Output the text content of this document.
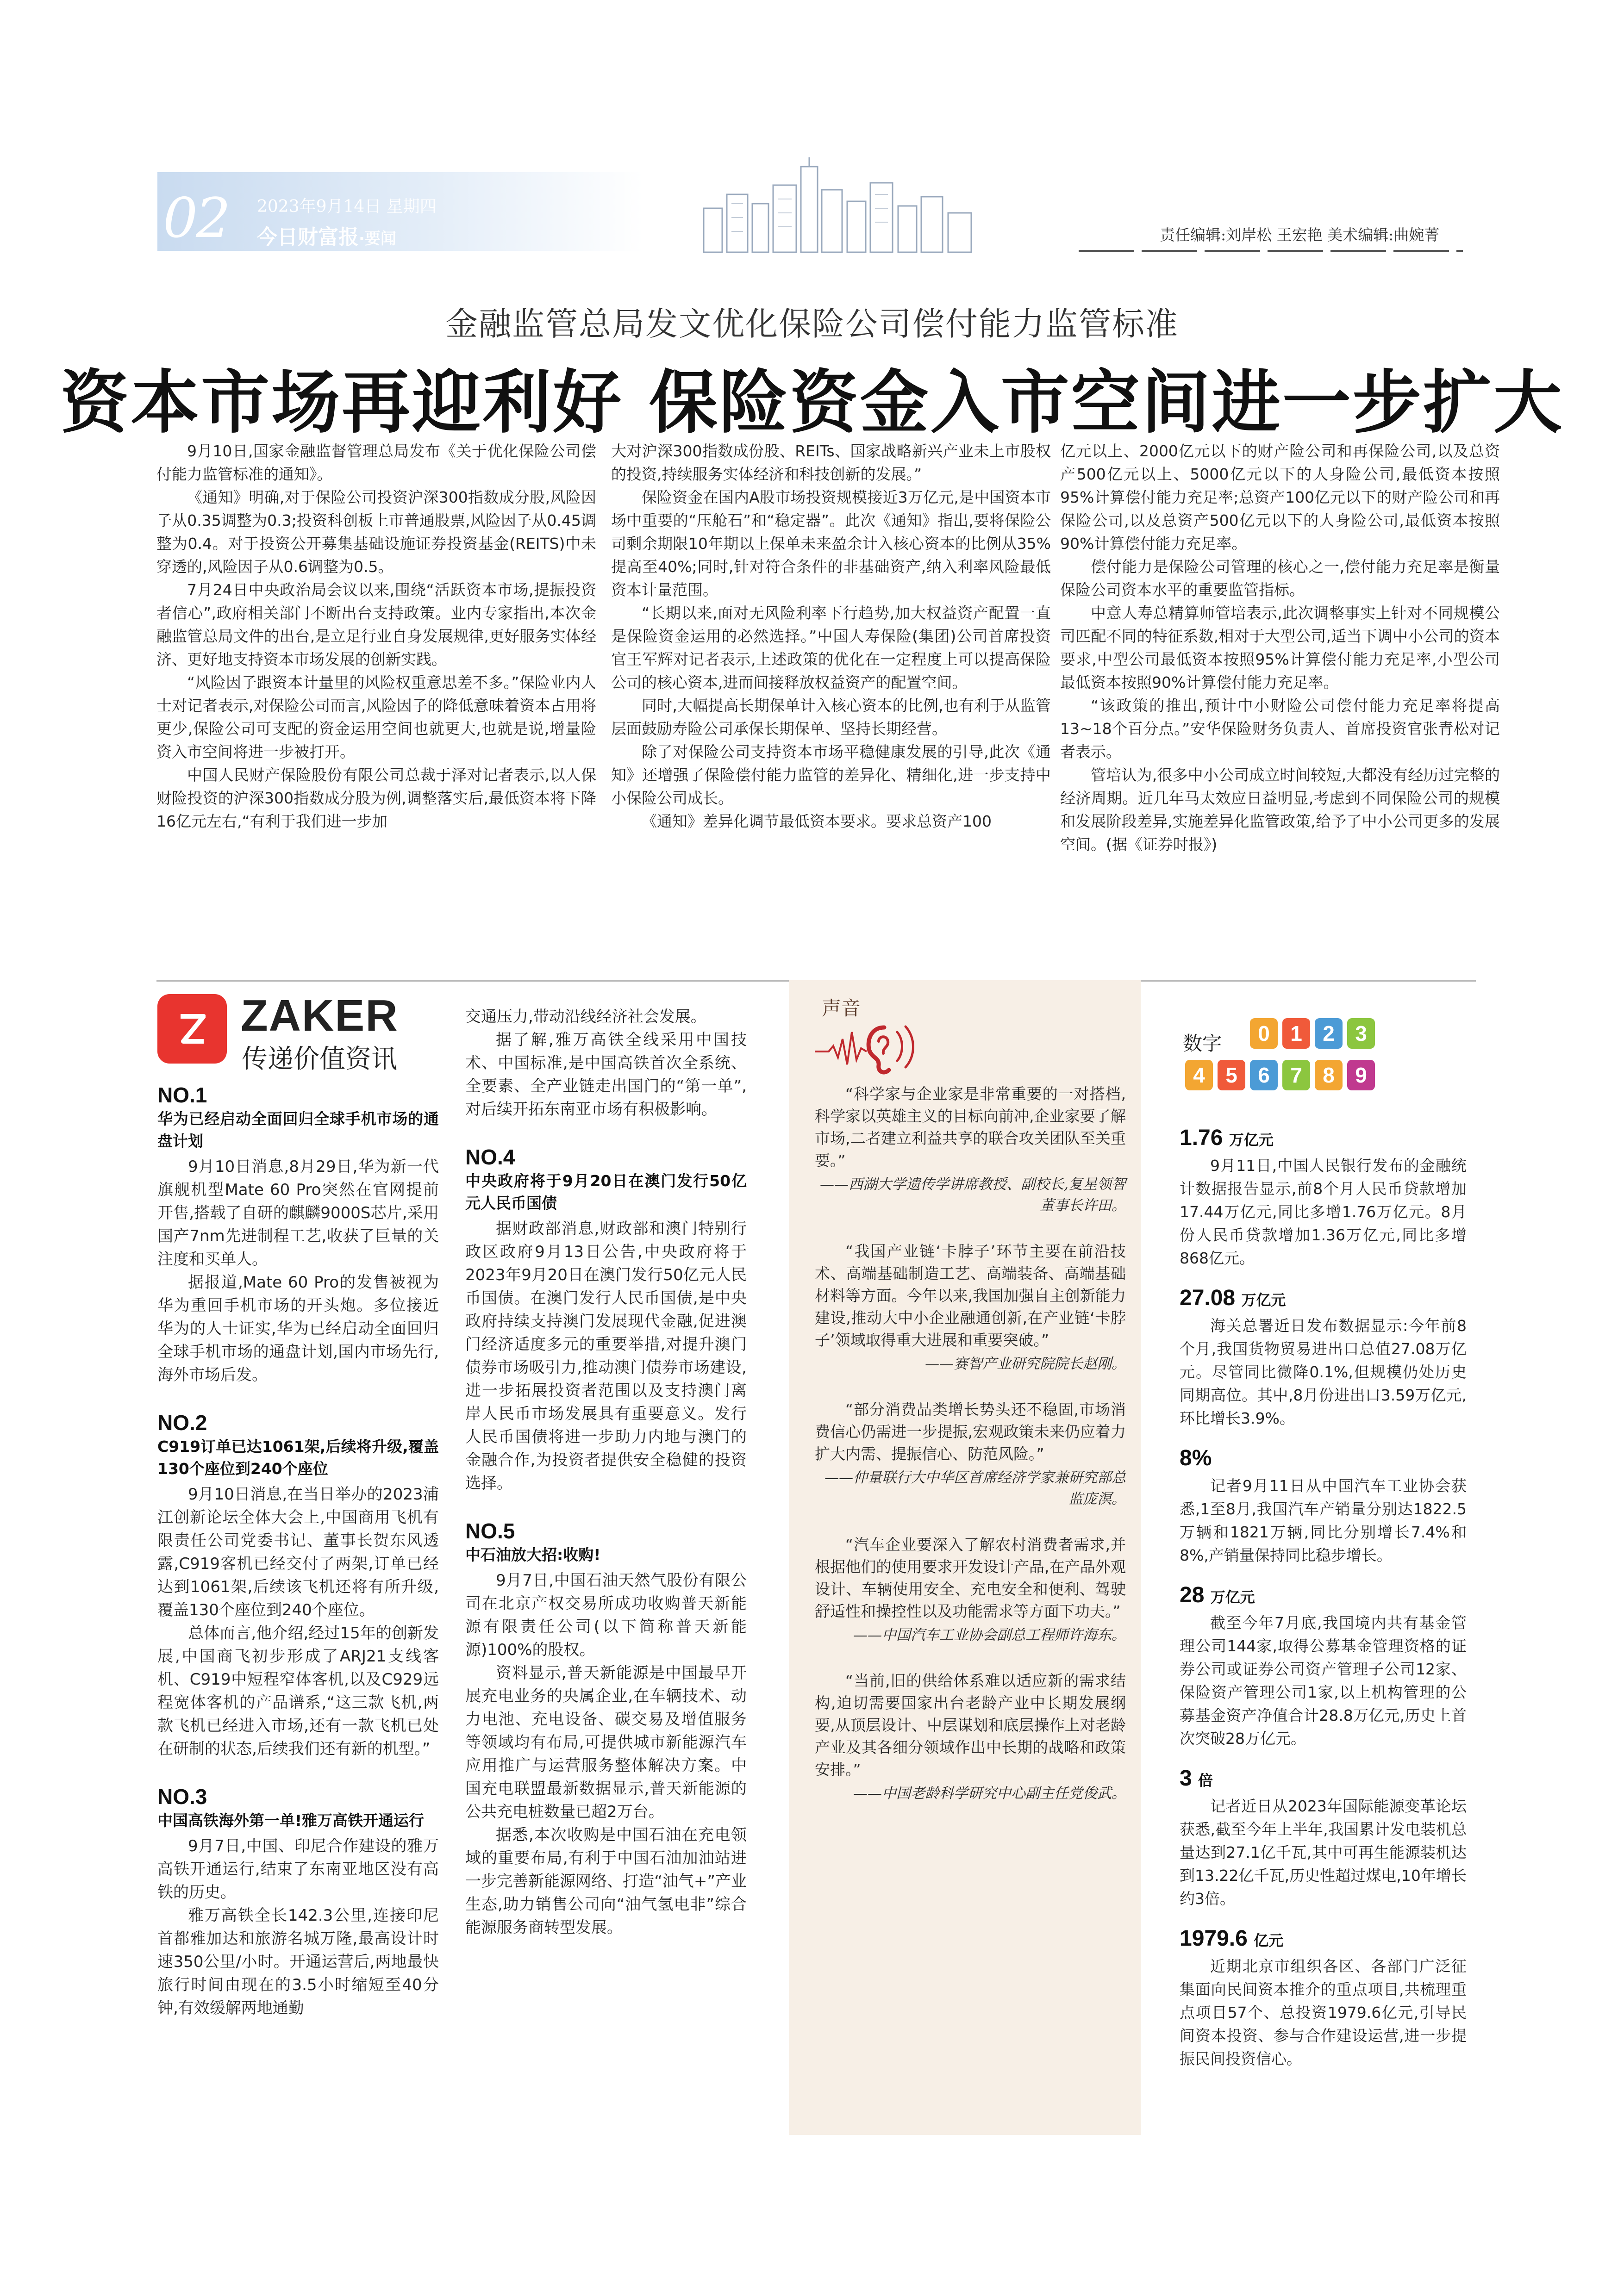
02 2023年9月14日 星期四
今日财富报·要闻	责任编辑:刘岸松 王宏艳 美术编辑:曲婉菁
金融监管总局发文优化保险公司偿付能力监管标准
资本市场再迎利好 保险资金入市空间进一步扩大

9月10日,国家金融监督管理总局发布《关于优化保险公司偿付能力监管标准的通知》。

《通知》明确,对于保险公司投资沪深300指数成分股,风险因子从0.35调整为0.3;投资科创板上市普通股票,风险因子从0.45调整为0.4。对于投资公开募集基础设施证券投资基金(REITS)中未穿透的,风险因子从0.6调整为0.5。

7月24日中央政治局会议以来,围绕“活跃资本市场,提振投资者信心”,政府相关部门不断出台支持政策。业内专家指出,本次金融监管总局文件的出台,是立足行业自身发展规律,更好服务实体经济、更好地支持资本市场发展的创新实践。

“风险因子跟资本计量里的风险权重意思差不多。”保险业内人士对记者表示,对保险公司而言,风险因子的降低意味着资本占用将更少,保险公司可支配的资金运用空间也就更大,也就是说,增量险资入市空间将进一步被打开。

中国人民财产保险股份有限公司总裁于泽对记者表示,以人保财险投资的沪深300指数成分股为例,调整落实后,最低资本将下降16亿元左右,“有利于我们进一步加

大对沪深300指数成份股、REITs、国家战略新兴产业未上市股权的投资,持续服务实体经济和科技创新的发展。”

保险资金在国内A股市场投资规模接近3万亿元,是中国资本市场中重要的“压舱石”和“稳定器”。此次《通知》指出,要将保险公司剩余期限10年期以上保单未来盈余计入核心资本的比例从35%提高至40%;同时,针对符合条件的非基础资产,纳入利率风险最低资本计量范围。

“长期以来,面对无风险利率下行趋势,加大权益资产配置一直是保险资金运用的必然选择。”中国人寿保险(集团)公司首席投资官王军辉对记者表示,上述政策的优化在一定程度上可以提高保险公司的核心资本,进而间接释放权益资产的配置空间。

同时,大幅提高长期保单计入核心资本的比例,也有利于从监管层面鼓励寿险公司承保长期保单、坚持长期经营。

除了对保险公司支持资本市场平稳健康发展的引导,此次《通知》还增强了保险偿付能力监管的差异化、精细化,进一步支持中小保险公司成长。

《通知》差异化调节最低资本要求。要求总资产100

亿元以上、2000亿元以下的财产险公司和再保险公司,以及总资产500亿元以上、5000亿元以下的人身险公司,最低资本按照95%计算偿付能力充足率;总资产100亿元以下的财产险公司和再保险公司,以及总资产500亿元以下的人身险公司,最低资本按照90%计算偿付能力充足率。

偿付能力是保险公司管理的核心之一,偿付能力充足率是衡量保险公司资本水平的重要监管指标。

中意人寿总精算师管培表示,此次调整事实上针对不同规模公司匹配不同的特征系数,相对于大型公司,适当下调中小公司的资本要求,中型公司最低资本按照95%计算偿付能力充足率,小型公司最低资本按照90%计算偿付能力充足率。

“该政策的推出,预计中小财险公司偿付能力充足率将提高13~18个百分点。”安华保险财务负责人、首席投资官张青松对记者表示。

管培认为,很多中小公司成立时间较短,大都没有经历过完整的经济周期。近几年马太效应日益明显,考虑到不同保险公司的规模和发展阶段差异,实施差异化监管政策,给予了中小公司更多的发展空间。(据《证券时报》)

ZAKER
传递价值资讯
NO.1
华为已经启动全面回归全球手机市场的通盘计划

9月10日消息,8月29日,华为新一代旗舰机型Mate 60 Pro突然在官网提前开售,搭载了自研的麒麟9000S芯片,采用国产7nm先进制程工艺,收获了巨量的关注度和买单人。

据报道,Mate 60 Pro的发售被视为华为重回手机市场的开头炮。多位接近华为的人士证实,华为已经启动全面回归全球手机市场的通盘计划,国内市场先行,海外市场后发。

NO.2
C919订单已达1061架,后续将升级,覆盖130个座位到240个座位

9月10日消息,在当日举办的2023浦江创新论坛全体大会上,中国商用飞机有限责任公司党委书记、董事长贺东风透露,C919客机已经交付了两架,订单已经达到1061架,后续该飞机还将有所升级,覆盖130个座位到240个座位。

总体而言,他介绍,经过15年的创新发展,中国商飞初步形成了ARJ21支线客机、C919中短程窄体客机,以及C929远程宽体客机的产品谱系,“这三款飞机,两款飞机已经进入市场,还有一款飞机已处在研制的状态,后续我们还有新的机型。”

NO.3
中国高铁海外第一单!雅万高铁开通运行

9月7日,中国、印尼合作建设的雅万高铁开通运行,结束了东南亚地区没有高铁的历史。

雅万高铁全长142.3公里,连接印尼首都雅加达和旅游名城万隆,最高设计时速350公里/小时。开通运营后,两地最快旅行时间由现在的3.5小时缩短至40分钟,有效缓解两地通勤

交通压力,带动沿线经济社会发展。

据了解,雅万高铁全线采用中国技术、中国标准,是中国高铁首次全系统、全要素、全产业链走出国门的“第一单”,对后续开拓东南亚市场有积极影响。

NO.4
中央政府将于9月20日在澳门发行50亿元人民币国债

据财政部消息,财政部和澳门特别行政区政府9月13日公告,中央政府将于2023年9月20日在澳门发行50亿元人民币国债。在澳门发行人民币国债,是中央政府持续支持澳门发展现代金融,促进澳门经济适度多元的重要举措,对提升澳门债券市场吸引力,推动澳门债券市场建设,进一步拓展投资者范围以及支持澳门离岸人民币市场发展具有重要意义。发行人民币国债将进一步助力内地与澳门的金融合作,为投资者提供安全稳健的投资选择。

NO.5
中石油放大招:收购!

9月7日,中国石油天然气股份有限公司在北京产权交易所成功收购普天新能源有限责任公司(以下简称普天新能源)100%的股权。

资料显示,普天新能源是中国最早开展充电业务的央属企业,在车辆技术、动力电池、充电设备、碳交易及增值服务等领域均有布局,可提供城市新能源汽车应用推广与运营服务整体解决方案。中国充电联盟最新数据显示,普天新能源的公共充电桩数量已超2万台。

据悉,本次收购是中国石油在充电领域的重要布局,有利于中国石油加油站进一步完善新能源网络、打造“油气+”产业生态,助力销售公司向“油气氢电非”综合能源服务商转型发展。

声音

“科学家与企业家是非常重要的一对搭档,科学家以英雄主义的目标向前冲,企业家要了解市场,二者建立利益共享的联合攻关团队至关重要。”

——西湖大学遗传学讲席教授、副校长,复星领智董事长许田。

“我国产业链‘卡脖子’环节主要在前沿技术、高端基础制造工艺、高端装备、高端基础材料等方面。今年以来,我国加强自主创新能力建设,推动大中小企业融通创新,在产业链‘卡脖子’领域取得重大进展和重要突破。”

——赛智产业研究院院长赵刚。

“部分消费品类增长势头还不稳固,市场消费信心仍需进一步提振,宏观政策未来仍应着力扩大内需、提振信心、防范风险。”

——仲量联行大中华区首席经济学家兼研究部总监庞溟。

“汽车企业要深入了解农村消费者需求,并根据他们的使用要求开发设计产品,在产品外观设计、车辆使用安全、充电安全和便利、驾驶舒适性和操控性以及功能需求等方面下功夫。”

——中国汽车工业协会副总工程师许海东。

“当前,旧的供给体系难以适应新的需求结构,迫切需要国家出台老龄产业中长期发展纲要,从顶层设计、中层谋划和底层操作上对老龄产业及其各细分领域作出中长期的战略和政策安排。”

——中国老龄科学研究中心副主任党俊武。

数字	0 1 2 3
4 5 6 7 8 9
1.76 万亿元

9月11日,中国人民银行发布的金融统计数据报告显示,前8个月人民币贷款增加17.44万亿元,同比多增1.76万亿元。8月份人民币贷款增加1.36万亿元,同比多增868亿元。

27.08 万亿元

海关总署近日发布数据显示:今年前8个月,我国货物贸易进出口总值27.08万亿元。尽管同比微降0.1%,但规模仍处历史同期高位。其中,8月份进出口3.59万亿元,环比增长3.9%。

8%

记者9月11日从中国汽车工业协会获悉,1至8月,我国汽车产销量分别达1822.5万辆和1821万辆,同比分别增长7.4%和8%,产销量保持同比稳步增长。

28 万亿元

截至今年7月底,我国境内共有基金管理公司144家,取得公募基金管理资格的证券公司或证券公司资产管理子公司12家、保险资产管理公司1家,以上机构管理的公募基金资产净值合计28.8万亿元,历史上首次突破28万亿元。

3 倍

记者近日从2023年国际能源变革论坛获悉,截至今年上半年,我国累计发电装机总量达到27.1亿千瓦,其中可再生能源装机达到13.22亿千瓦,历史性超过煤电,10年增长约3倍。

1979.6 亿元

近期北京市组织各区、各部门广泛征集面向民间资本推介的重点项目,共梳理重点项目57个、总投资1979.6亿元,引导民间资本投资、参与合作建设运营,进一步提振民间投资信心。
